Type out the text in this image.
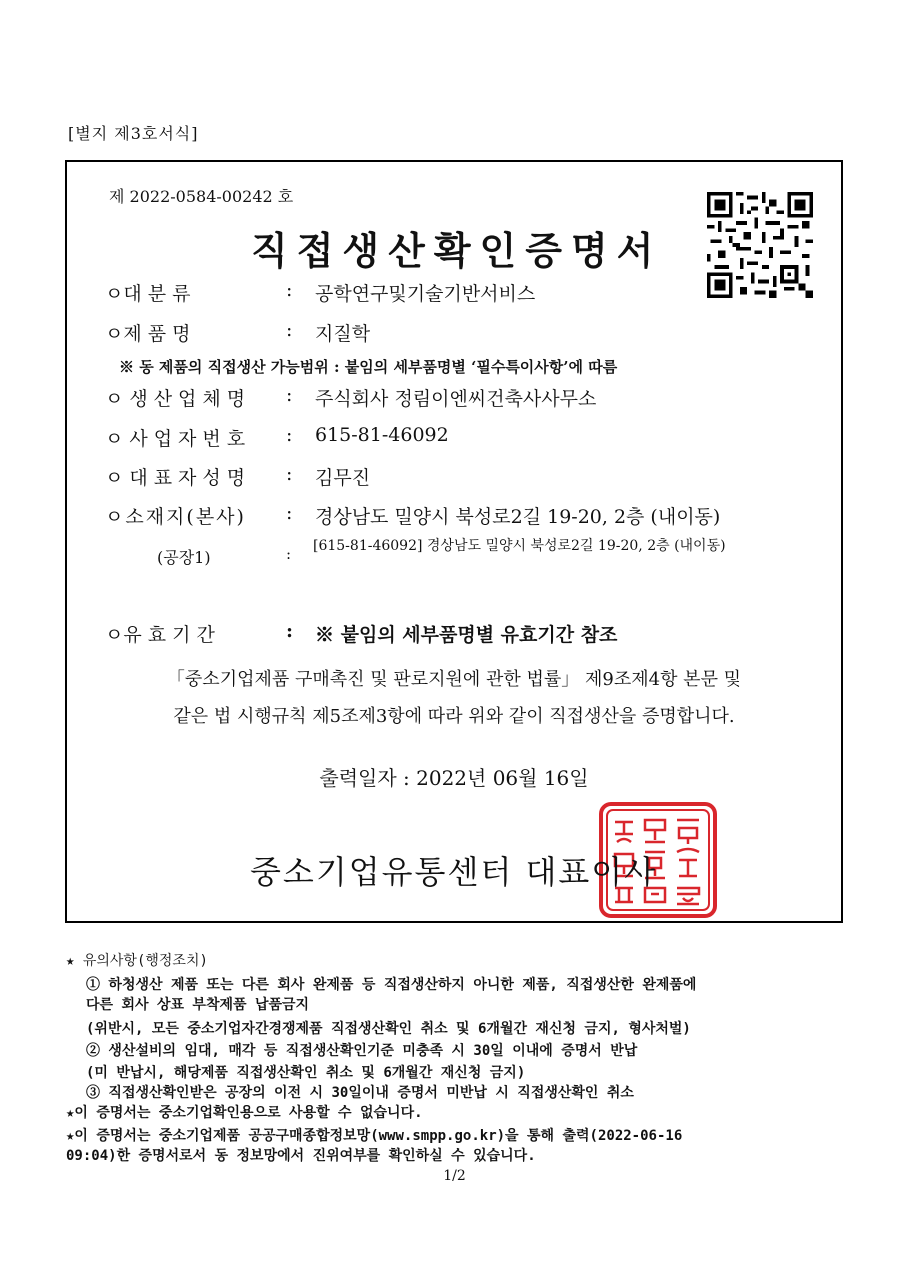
[별지 제3호서식]
제 2022-0584-00242 호
직접생산확인증명서
ㅇ대 분 류	: 공학연구및기술기반서비스
ㅇ제 품 명	: 지질학
※ 동 제품의 직접생산 가능범위 : 붙임의 세부품명별 ‘필수특이사항’에 따름
ㅇ생산업체명 : 주식회사 정림이엔씨건축사사무소
ㅇ사업자번호 : 615-81-46092
ㅇ대표자성명 : 김무진
ㅇ소재지(본사) : 경상남도 밀양시 북성로2길 19-20, 2층 (내이동)
(공장1)	: [615-81-46092] 경상남도 밀양시 북성로2길 19-20, 2층 (내이동)
ㅇ유 효 기 간	: ※ 붙임의 세부품명별 유효기간 참조
「중소기업제품 구매촉진 및 판로지원에 관한 법률」 제9조제4항 본문 및
같은 법 시행규칙 제5조제3항에 따라 위와 같이 직접생산을 증명합니다.
출력일자 : 2022년 06월 16일
중소기업유통센터 대표이사
★ 유의사항(행정조치)
① 하청생산 제품 또는 다른 회사 완제품 등 직접생산하지 아니한 제품, 직접생산한 완제품에
다른 회사 상표 부착제품 납품금지
(위반시, 모든 중소기업자간경쟁제품 직접생산확인 취소 및 6개월간 재신청 금지, 형사처벌)
② 생산설비의 임대, 매각 등 직접생산확인기준 미충족 시 30일 이내에 증명서 반납
(미 반납시, 해당제품 직접생산확인 취소 및 6개월간 재신청 금지)
③ 직접생산확인받은 공장의 이전 시 30일이내 증명서 미반납 시 직접생산확인 취소
★이 증명서는 중소기업확인용으로 사용할 수 없습니다.
★이 증명서는 중소기업제품 공공구매종합정보망(www.smpp.go.kr)을 통해 출력(2022-06-16
09:04)한 증명서로서 동 정보망에서 진위여부를 확인하실 수 있습니다.
1/2
